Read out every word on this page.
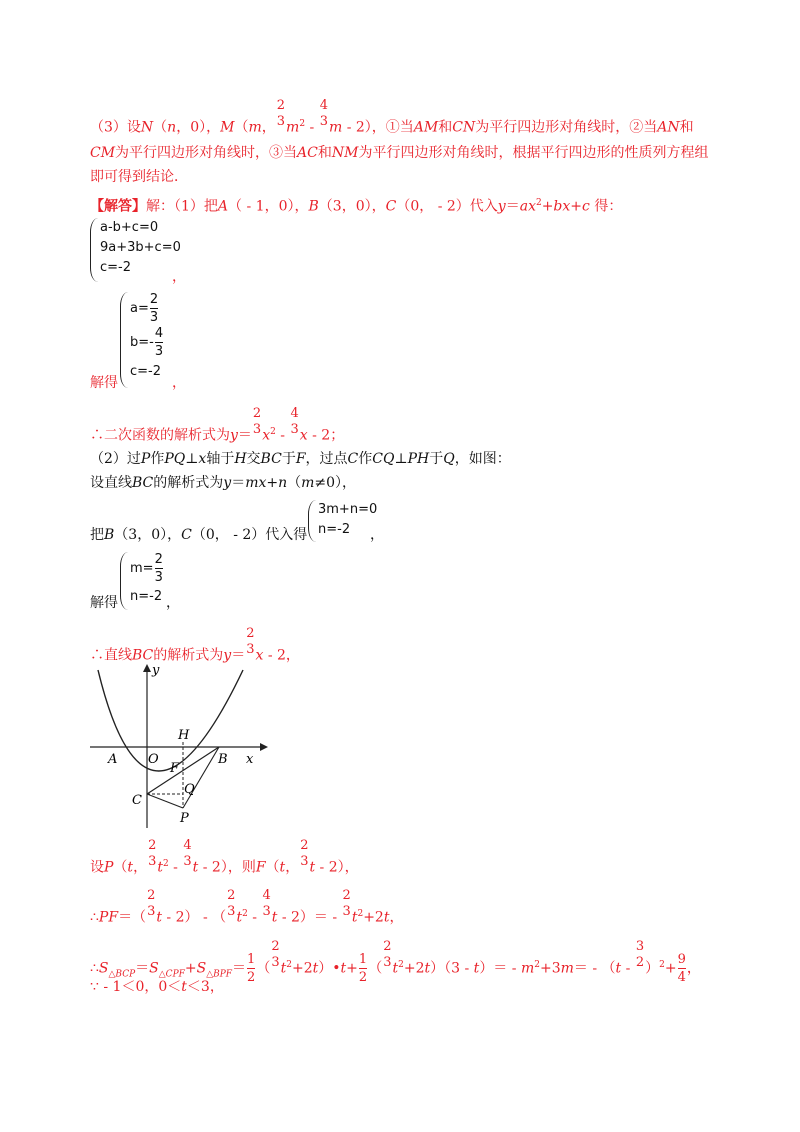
（3）设N（n，0），M（m，
2
3 $m^2$ -
4
3 m - 2），①当AM和CN为平行四边形对角线时，②当AN和
CM为平行四边形对角线时，③当AC和NM为平行四边形对角线时，根据平行四边形的性质列方程组
即可得到结论．
【解答】解：（1）把A（ - 1，0），B（3，0），C（0， - 2）代入$y=ax^2+bx+c$ 得：
a-b+c=0
9a+3b+c=0
c=-2
，
$a= \frac{2}{3}$
$b=- \frac{4}{3}$
c=-2
解得	，
∴二次函数的解析式为y＝
2
3 $x^2$ -
4
3 x - 2；
（2）过P作PQ⊥x轴于H交BC于F，过点C作CQ⊥PH于Q，如图：
设直线BC的解析式为y＝mx+n（m≠0），
把B（3，0），C（0， - 2）代入得
3m+n=0
n=-2	，
$m= \frac{2}{3}$
n=-2
解得	，
∴直线BC的解析式为y＝
2
3 x - 2，
y
H
A O	B x
F
C
Q
P
设P（t，
2
3 $t^2$ -
4
3 t - 2），则F（t，
2
3 t - 2），
∴PF＝（
2
3 t - 2） - （
2
3 $t^2$ -
4
3 t - 2）＝ -
2
3 $t^2+2t$，
$\therefore S_{\triangle BCP}=S_{\triangle CPF}+S_{\triangle BPF}= \frac{1}{2}$ （
2
3 $t^2+2t)•t+ \frac{1}{2}$ （
2
3 $t^2+2t)(3 - t)= - m^2+3m= - (t$ -
3
2 ）$^2+ \frac{9}{4}$ ，
∵ - 1＜0，0＜t＜3，
